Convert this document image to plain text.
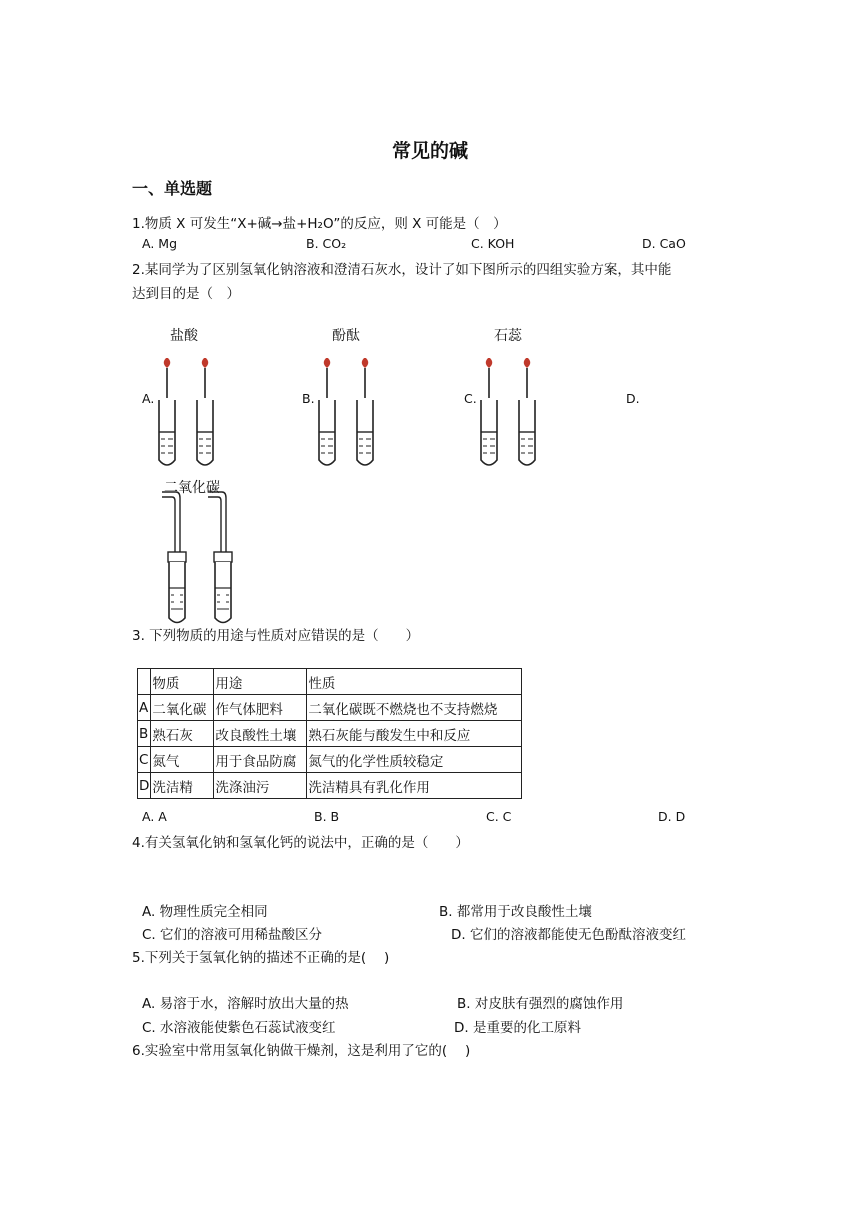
常见的碱
一、单选题
1.物质 X 可发生“X+碱→盐+H₂O”的反应，则 X 可能是（　）
A. Mg	B. CO₂	C. KOH	D. CaO
2.某同学为了区别氢氧化钠溶液和澄清石灰水，设计了如下图所示的四组实验方案，其中能
达到目的是（　）
盐酸
A.
酚酞
B.
石蕊
C.	D.
二氧化碳
3. 下列物质的用途与性质对应错误的是（　　）
	物质	用途	性质
A	二氧化碳	作气体肥料	二氧化碳既不燃烧也不支持燃烧
B	熟石灰	改良酸性土壤	熟石灰能与酸发生中和反应
C	氮气	用于食品防腐	氮气的化学性质较稳定
D	洗洁精	洗涤油污	洗洁精具有乳化作用
A. A	B. B	C. C	D. D
4.有关氢氧化钠和氢氧化钙的说法中，正确的是（　　）
A. 物理性质完全相同	B. 都常用于改良酸性土壤
C. 它们的溶液可用稀盐酸区分	D. 它们的溶液都能使无色酚酞溶液变红
5.下列关于氢氧化钠的描述不正确的是(　 )
A. 易溶于水，溶解时放出大量的热	B. 对皮肤有强烈的腐蚀作用
C. 水溶液能使紫色石蕊试液变红	D. 是重要的化工原料
6.实验室中常用氢氧化钠做干燥剂，这是利用了它的(　 )
